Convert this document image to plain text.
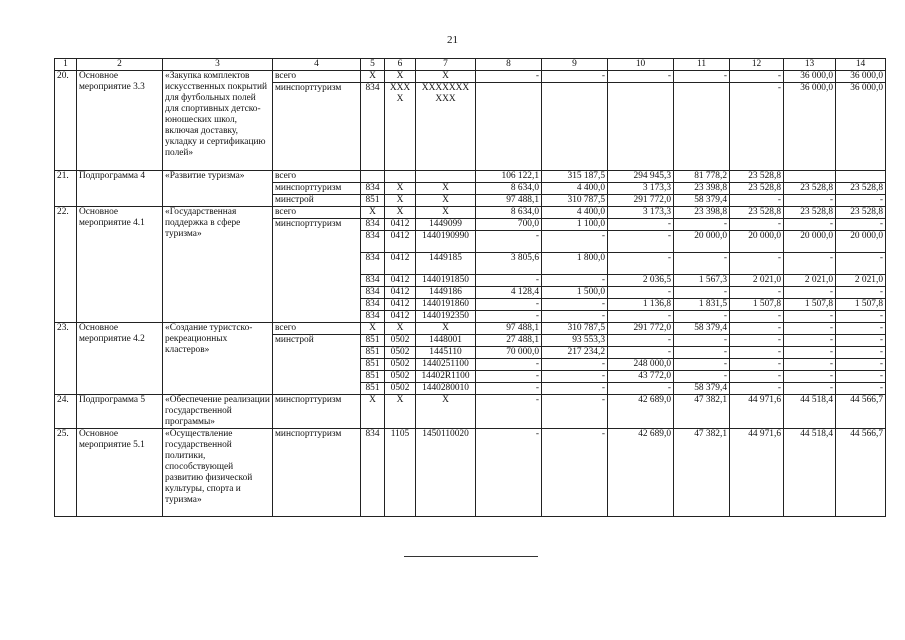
21
1	2	3	4	5	6	7	8	9	10	11	12	13	14
20.	Основное мероприятие 3.3	«Закупка комплектов искусственных покрытий для футбольных полей для спортивных детско-юношеских школ, включая доставку, укладку и сертификацию полей»	всего	X	X	X	-	-	-	-	-	36 000,0	36 000,0
			минспорттуризм	834	XXX X	XXXXXXX XXX					-	36 000,0	36 000,0
21.	Подпрограмма 4	«Развитие туризма»	всего				106 122,1	315 187,5	294 945,3	81 778,2	23 528,8		
			минспорттуризм	834	X	X	8 634,0	4 400,0	3 173,3	23 398,8	23 528,8	23 528,8	23 528,8
			минстрой	851	X	X	97 488,1	310 787,5	291 772,0	58 379,4	-	-	-
22.	Основное мероприятие 4.1	«Государственная поддержка в сфере туризма»	всего	X	X	X	8 634,0	4 400,0	3 173,3	23 398,8	23 528,8	23 528,8	23 528,8
			минспорттуризм	834	0412	1449099	700,0	1 100,0	-	-	-	-	-
				834	0412	1440190990	-	-	-	20 000,0	20 000,0	20 000,0	20 000,0
				834	0412	1449185	3 805,6	1 800,0	-	-	-	-	-
				834	0412	1440191850	-	-	2 036,5	1 567,3	2 021,0	2 021,0	2 021,0
				834	0412	1449186	4 128,4	1 500,0	-	-	-	-	-
				834	0412	1440191860	-	-	1 136,8	1 831,5	1 507,8	1 507,8	1 507,8
				834	0412	1440192350	-	-	-	-	-	-	-
23.	Основное мероприятие 4.2	«Создание туристско-рекреационных кластеров»	всего	X	X	X	97 488,1	310 787,5	291 772,0	58 379,4	-	-	-
			минстрой	851	0502	1448001	27 488,1	93 553,3	-	-	-	-	-
				851	0502	1445110	70 000,0	217 234,2	-	-	-	-	-
				851	0502	1440251100	-	-	248 000,0	-	-	-	-
				851	0502	14402R1100	-	-	43 772,0	-	-	-	-
				851	0502	1440280010	-	-	-	58 379,4	-	-	-
24.	Подпрограмма 5	«Обеспечение реализации государственной программы»	минспорттуризм	X	X	X	-	-	42 689,0	47 382,1	44 971,6	44 518,4	44 566,7
25.	Основное мероприятие 5.1	«Осуществление государственной политики, способствующей развитию физической культуры, спорта и туризма»	минспорттуризм	834	1105	1450110020	-	-	42 689,0	47 382,1	44 971,6	44 518,4	44 566,7
